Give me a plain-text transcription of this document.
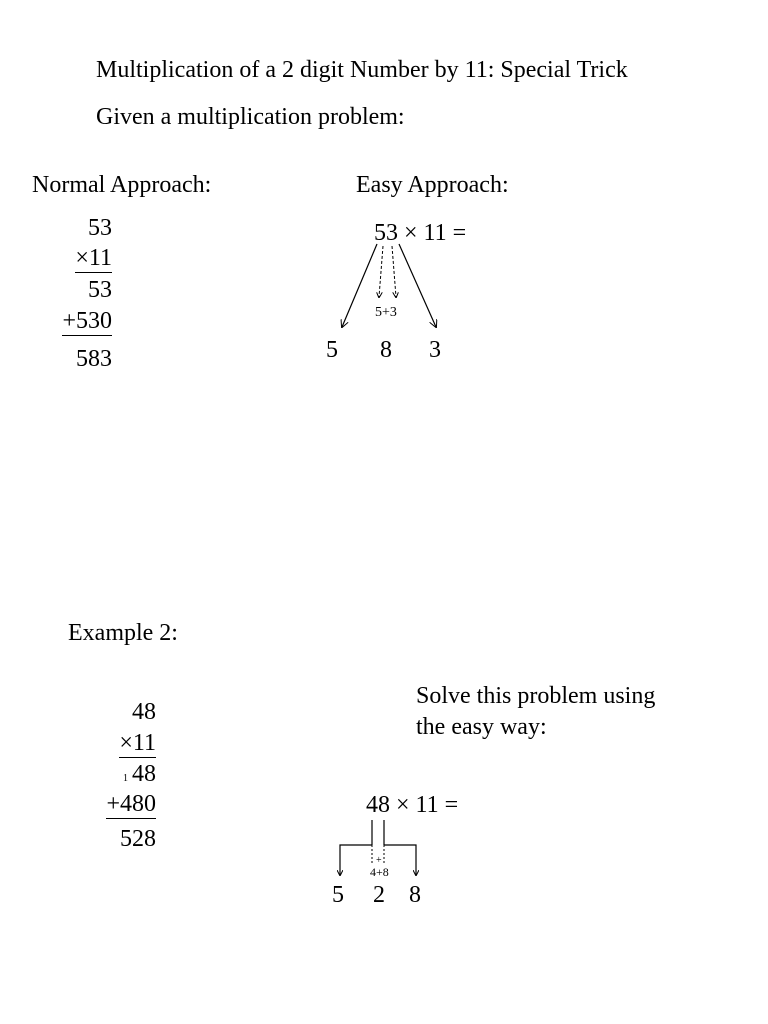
Multiplication of a 2 digit Number by 11: Special Trick
Given a multiplication problem:
Normal Approach:
53
×11
53
+530
583
Easy Approach:
53 × 11 =
5+3
5 8 3
Example 2:
48
×11
1 48
+480
528
Solve this problem using
the easy way:
48 × 11 =
+
4+8
5 2 8
